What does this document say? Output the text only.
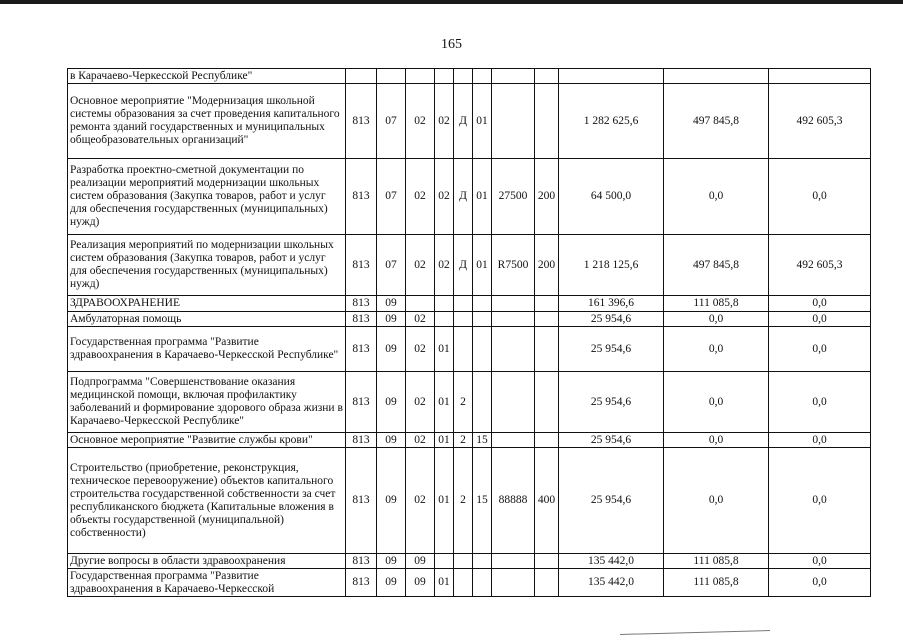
165
в Карачаево-Черкесской Республике"											
Основное мероприятие "Модернизация школьной системы образования за счет проведения капитального ремонта зданий государственных и муниципальных общеобразовательных организаций"	813	07	02	02	Д	01			1 282 625,6	497 845,8	492 605,3
Разработка проектно-сметной документации по реализации мероприятий модернизации школьных систем образования (Закупка товаров, работ и услуг для обеспечения государственных (муниципальных) нужд)	813	07	02	02	Д	01	27500	200	64 500,0	0,0	0,0
Реализация мероприятий по модернизации школьных систем образования (Закупка товаров, работ и услуг для обеспечения государственных (муниципальных) нужд)	813	07	02	02	Д	01	R7500	200	1 218 125,6	497 845,8	492 605,3
ЗДРАВООХРАНЕНИЕ	813	09							161 396,6	111 085,8	0,0
Амбулаторная помощь	813	09	02						25 954,6	0,0	0,0
Государственная программа "Развитие здравоохранения в Карачаево-Черкесской Республике"	813	09	02	01					25 954,6	0,0	0,0
Подпрограмма "Совершенствование оказания медицинской помощи, включая профилактику заболеваний и формирование здорового образа жизни в Карачаево-Черкесской Республике"	813	09	02	01	2				25 954,6	0,0	0,0
Основное мероприятие "Развитие службы крови"	813	09	02	01	2	15			25 954,6	0,0	0,0
Строительство (приобретение, реконструкция, техническое перевооружение) объектов капитального строительства государственной собственности за счет республиканского бюджета (Капитальные вложения в объекты государственной (муниципальной) собственности)	813	09	02	01	2	15	88888	400	25 954,6	0,0	0,0
Другие вопросы в области здравоохранения	813	09	09						135 442,0	111 085,8	0,0
Государственная программа "Развитие здравоохранения в Карачаево-Черкесской	813	09	09	01					135 442,0	111 085,8	0,0
